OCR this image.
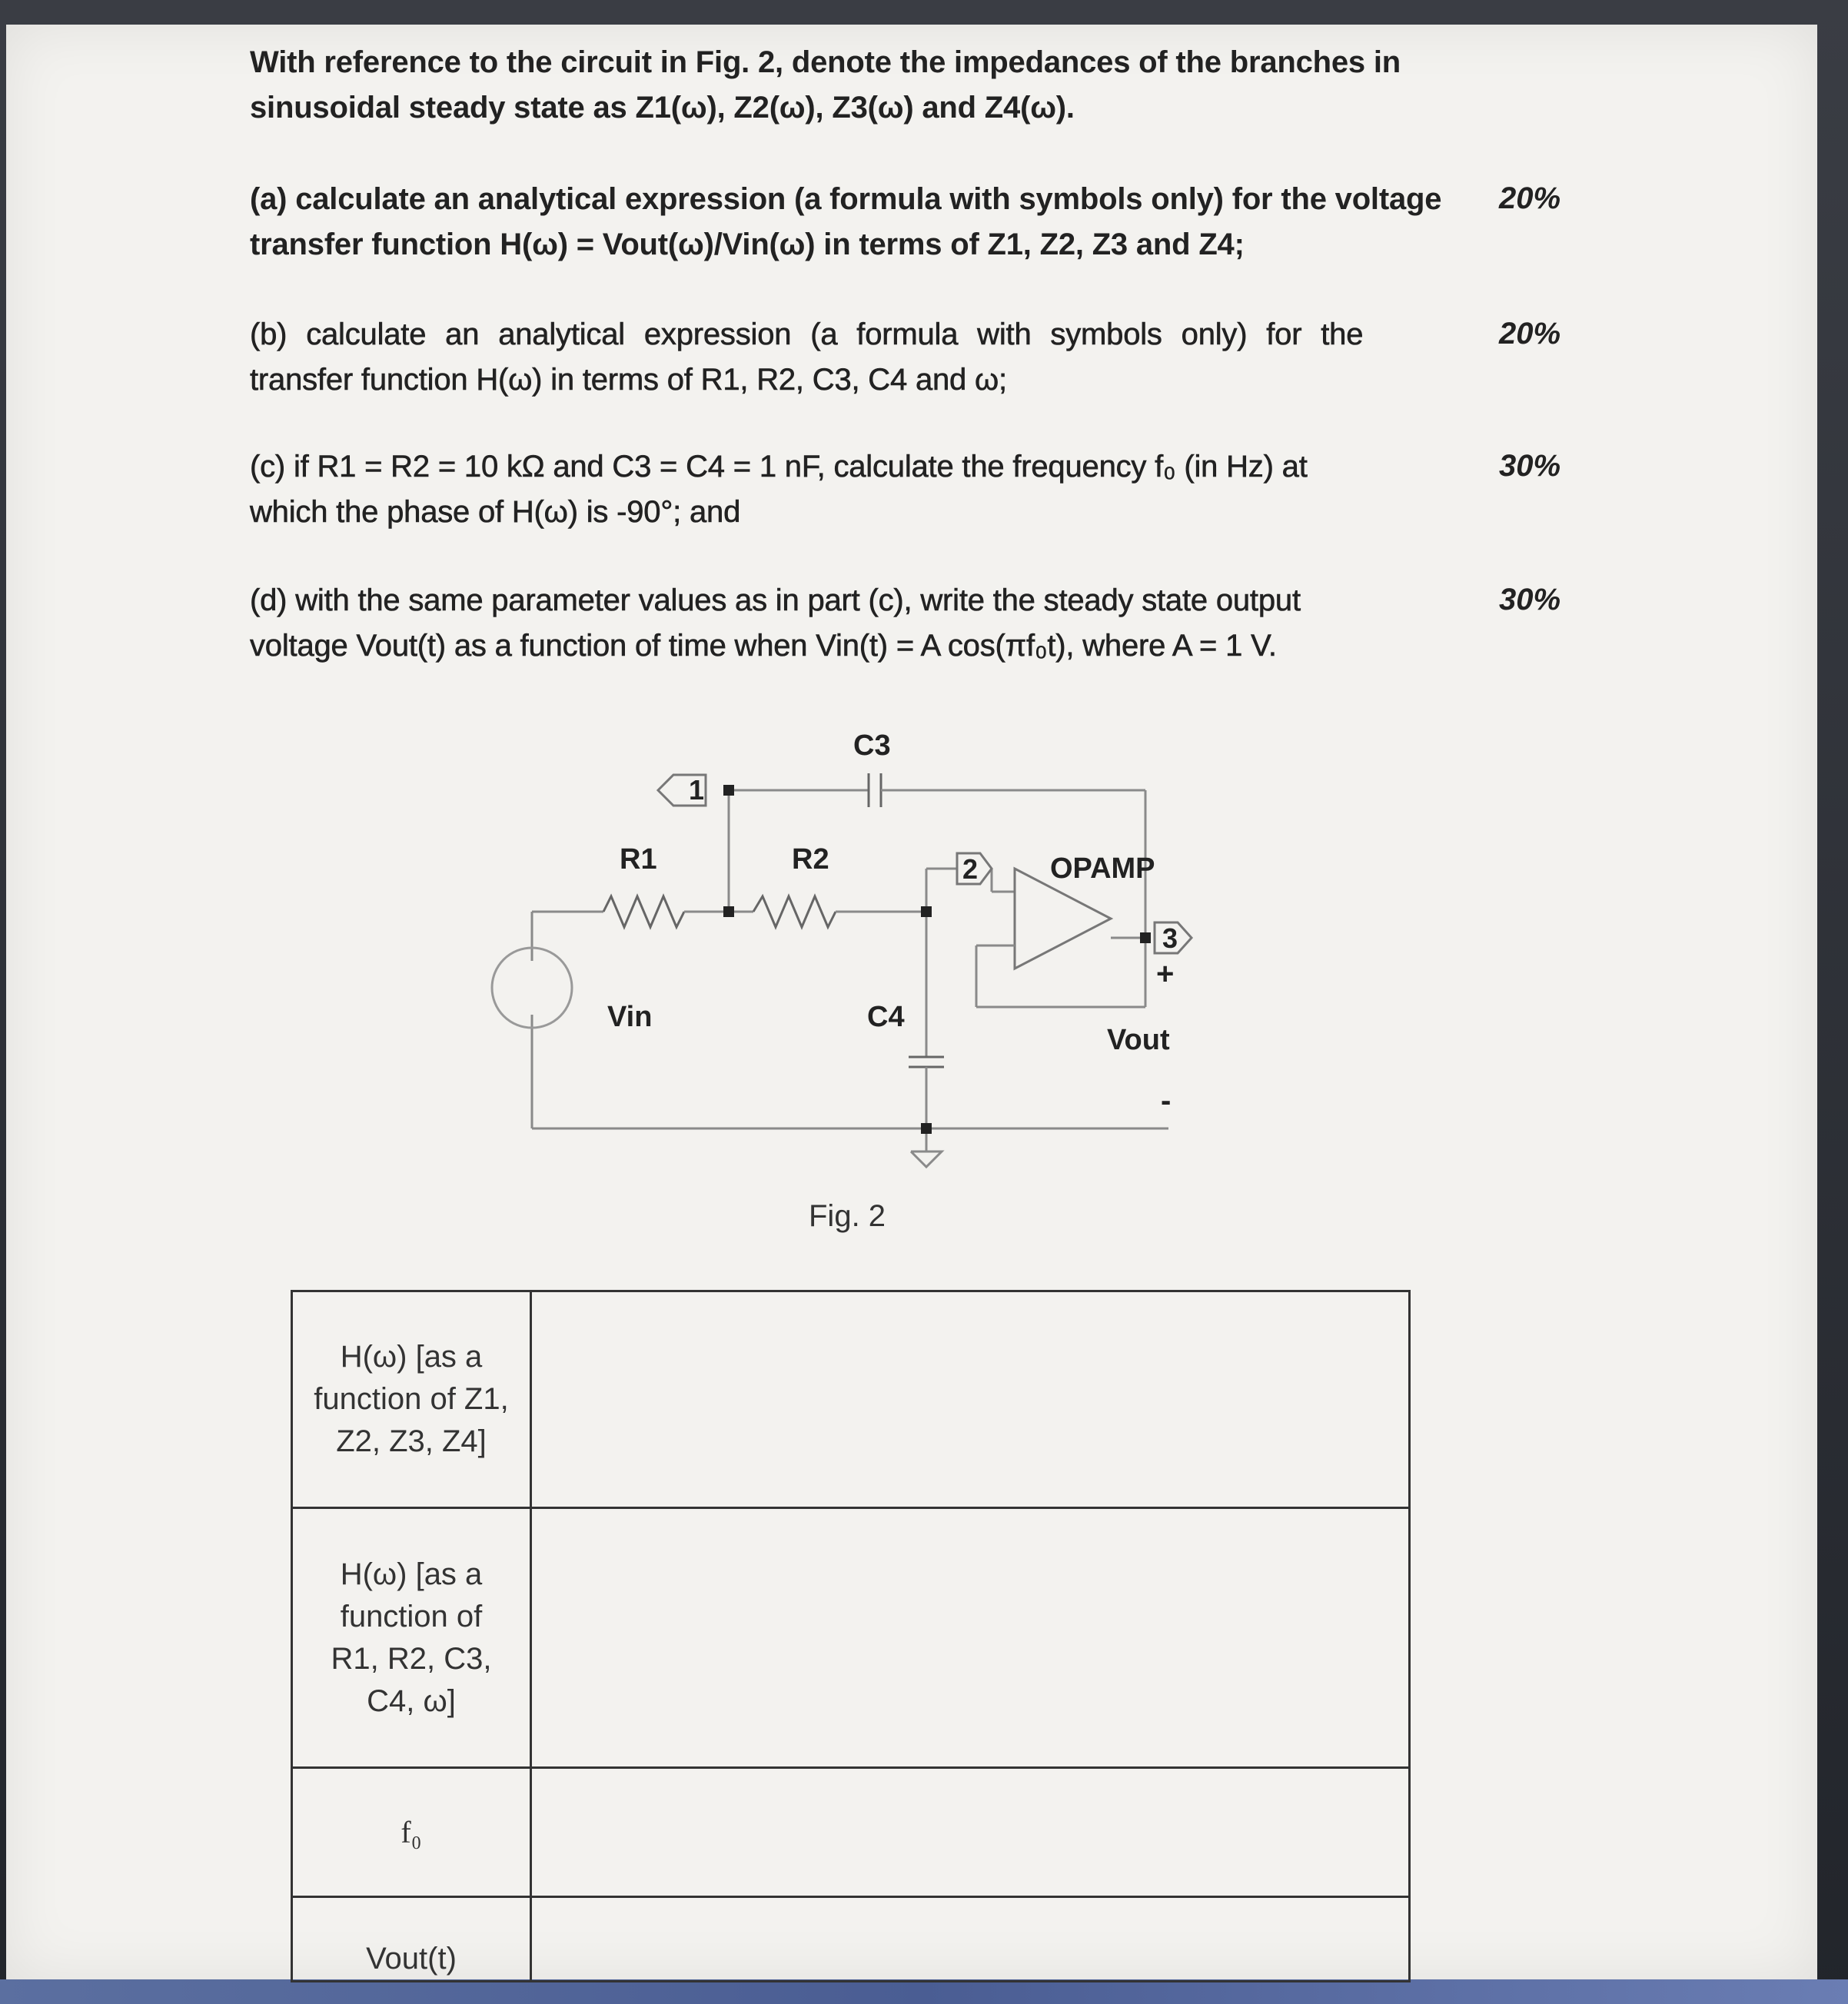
With reference to the circuit in Fig. 2, denote the impedances of the branches in
sinusoidal steady state as Z1(ω), Z2(ω), Z3(ω) and Z4(ω).
(a) calculate an analytical expression (a formula with symbols only) for the voltage
transfer function H(ω) = Vout(ω)/Vin(ω) in terms of Z1, Z2, Z3 and Z4;
20%
(b) calculate an analytical expression (a formula with symbols only) for the
transfer function H(ω) in terms of R1, R2, C3, C4 and ω;
20%
(c) if R1 = R2 = 10 kΩ and C3 = C4 = 1 nF, calculate the frequency f₀ (in Hz) at
which the phase of H(ω) is -90°; and
30%
(d) with the same parameter values as in part (c), write the steady state output
voltage Vout(t) as a function of time when Vin(t) = A cos(πf₀t), where A = 1 V.
30%
1
2
3
C3
R1	R2	OPAMP
Vin	C4
Vout
+
-
Fig. 2
H(ω) [as a
function of Z1,
Z2, Z3, Z4]	

H(ω) [as a
function of
R1, R2, C3,
C4, ω]	

f₀	

Vout(t)	
